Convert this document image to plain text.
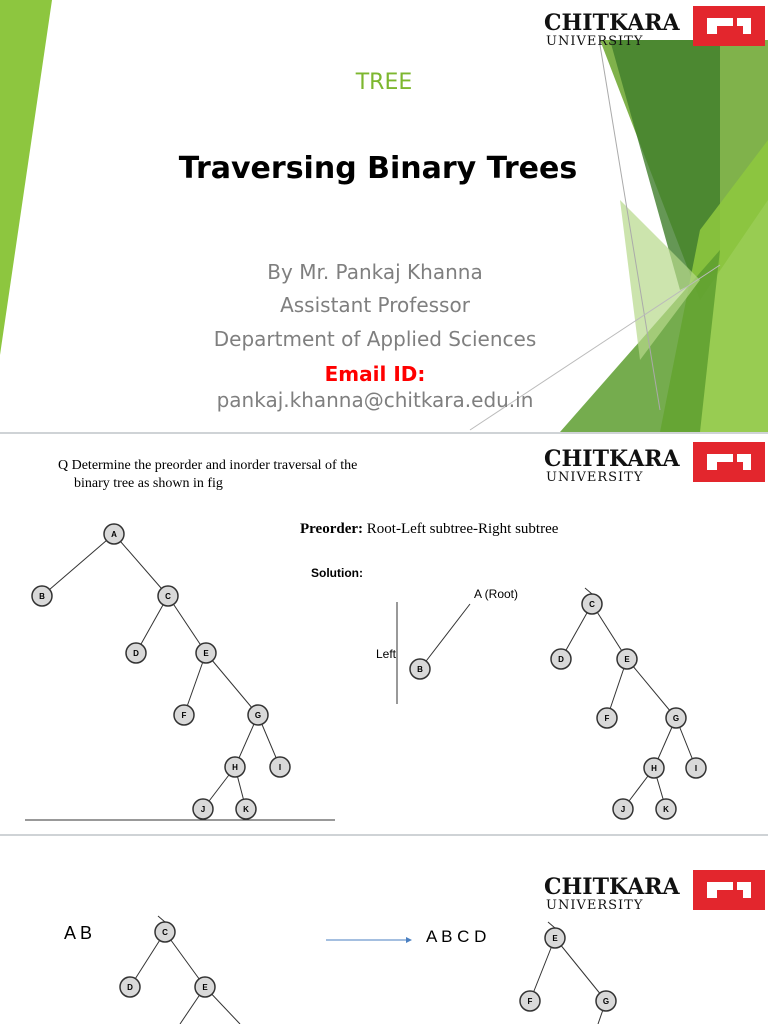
CHITKARA
UNIVERSITY
TREE
Traversing Binary Trees
By Mr. Pankaj Khanna
Assistant Professor
Department of Applied Sciences
Email ID:
pankaj.khanna@chitkara.edu.in
CHITKARA
UNIVERSITY
Q Determine the preorder and inorder traversal of the
binary tree as shown in fig
Preorder: Root-Left subtree-Right subtree
Solution:
A (Root)
Left
A
B	C
D	E
F	G
H	I
J	K
B
C
D	E
F	G
H	I
J	K
CHITKARA
UNIVERSITY
A B	A B C D
C
D	E
E
F	G
